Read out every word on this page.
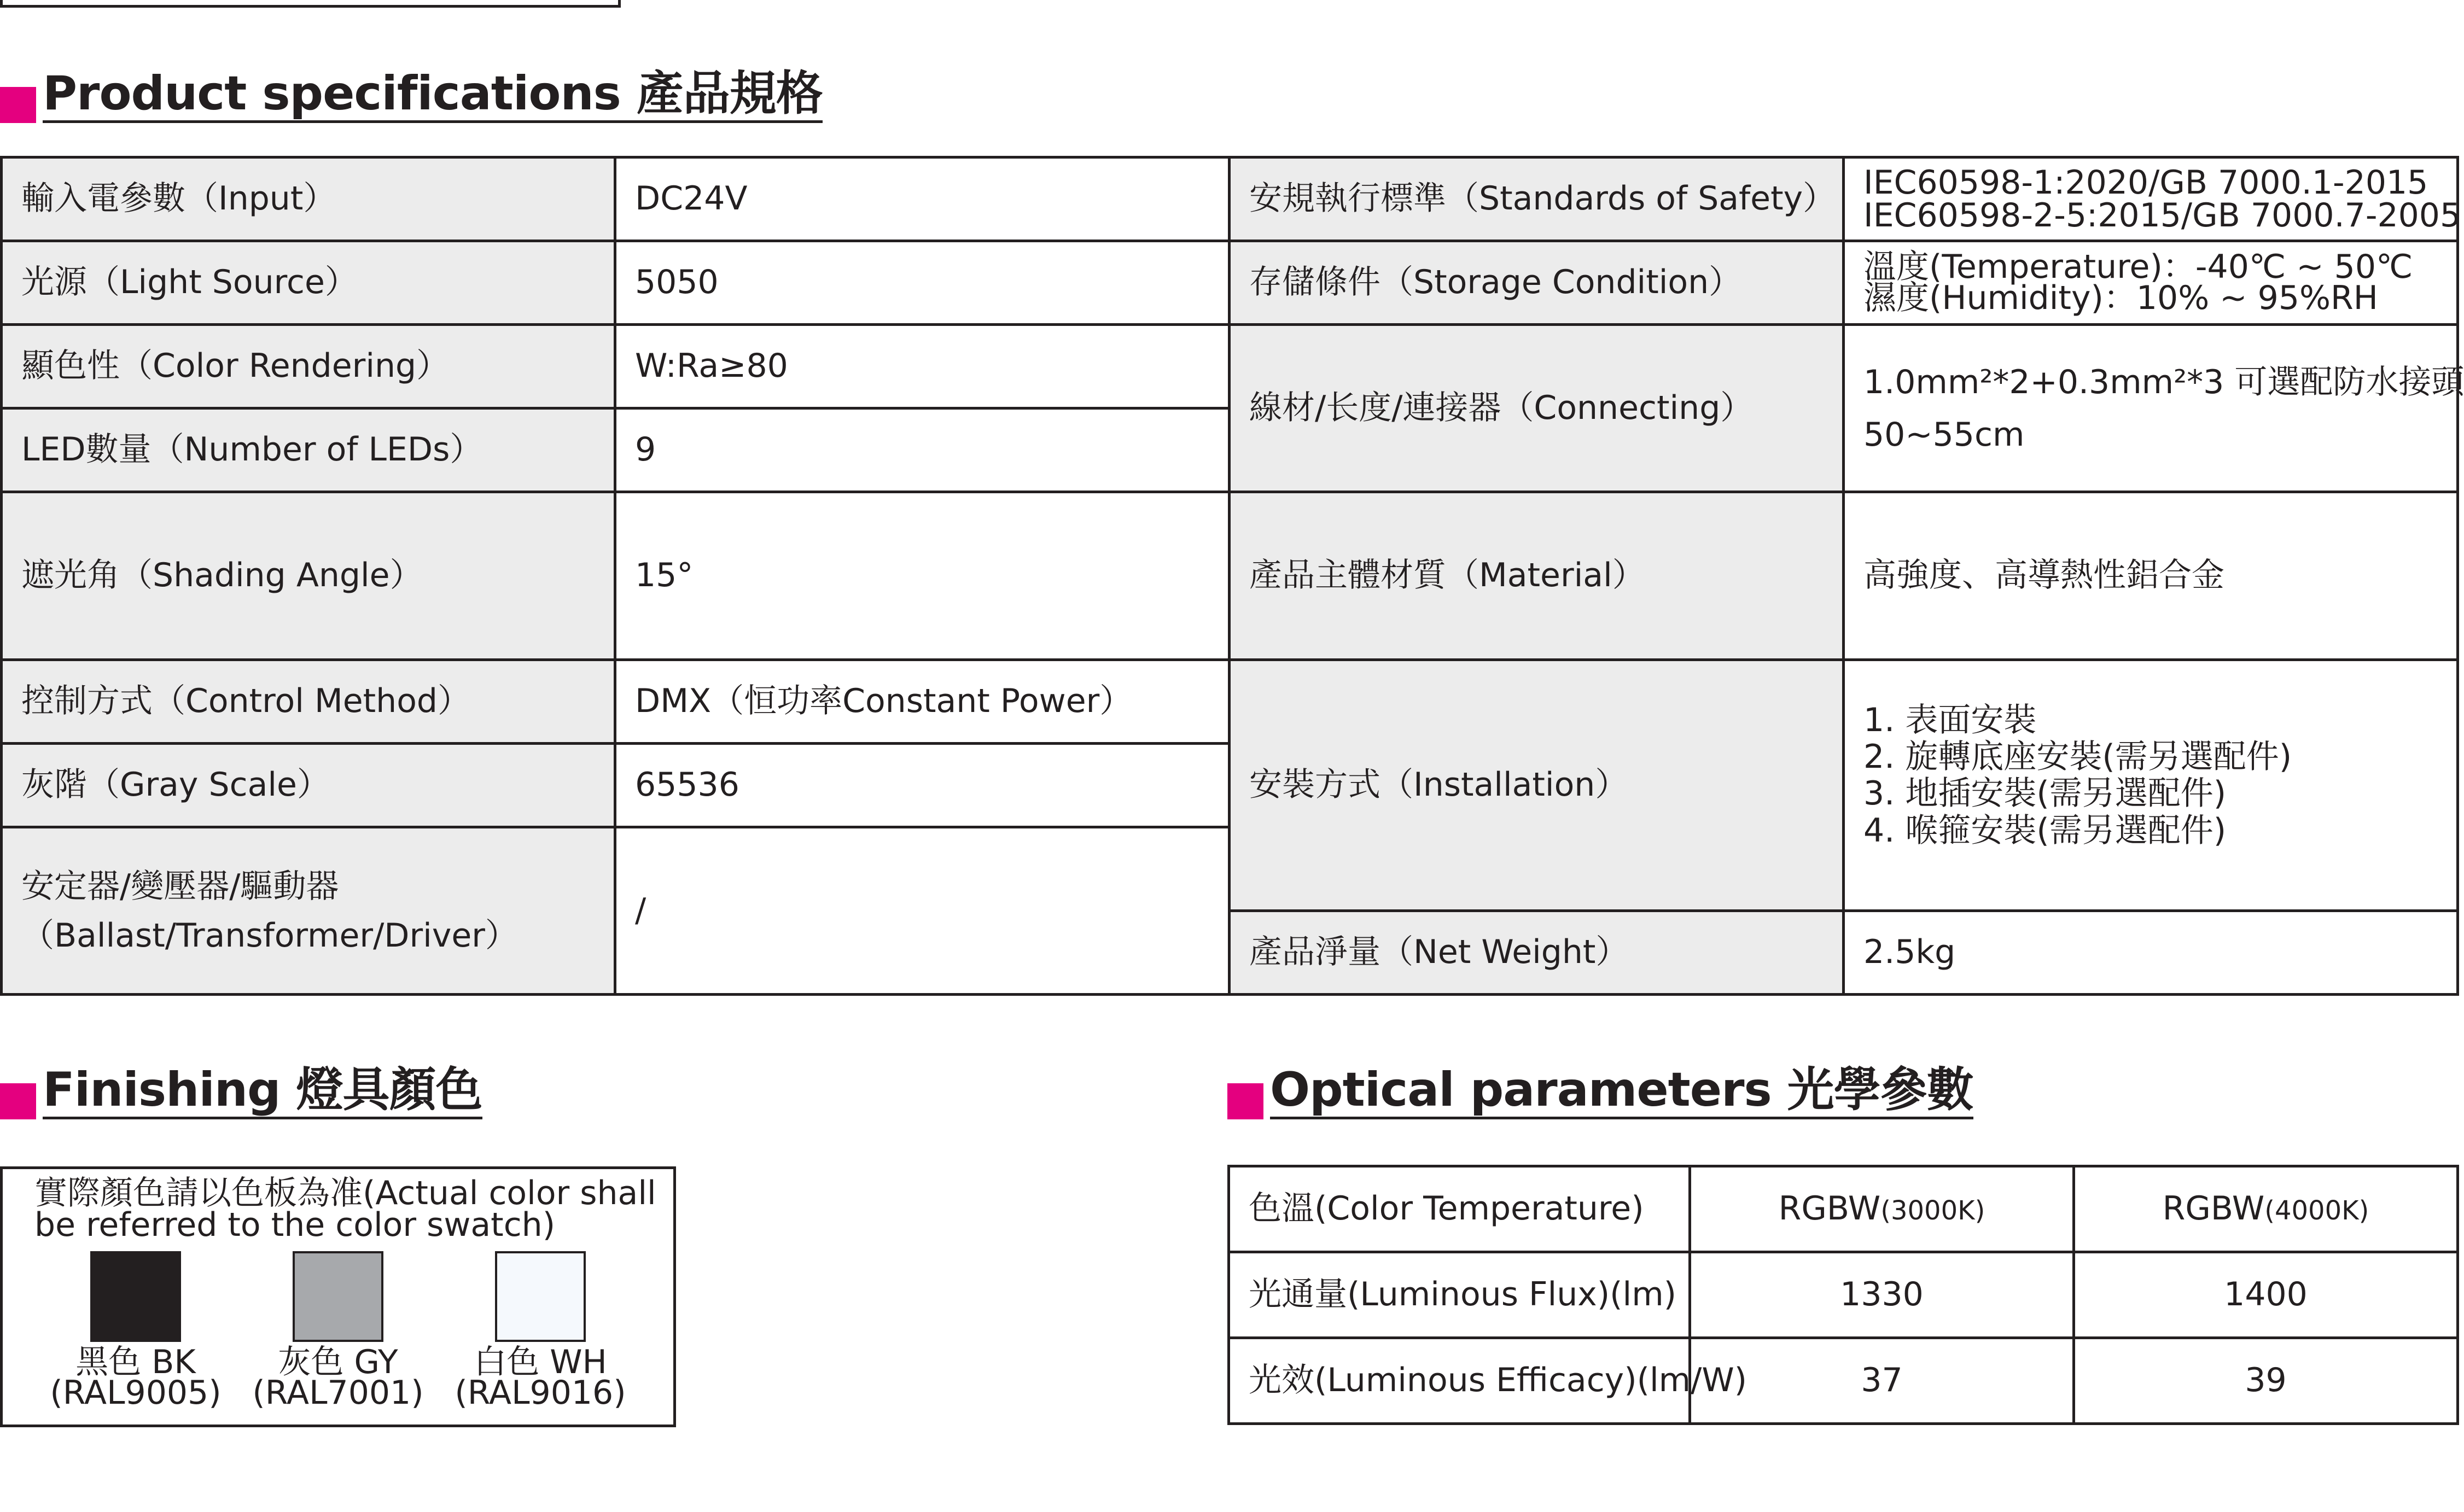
Product specifications 產品規格
輸入電參數（Input）	DC24V	安規執行標準（Standards of Safety）	IEC60598-1:2020/GB 7000.1-2015
IEC60598-2-5:2015/GB 7000.7-2005

光源（Light Source）	5050	存儲條件（Storage Condition）	溫度(Temperature)：-40℃ ~ 50℃
濕度(Humidity)：10% ~ 95%RH

顯色性（Color Rendering）	W:Ra≥80	線材/长度/連接器（Connecting）	1.0mm²*2+0.3mm²*3 可選配防水接頭
50~55cm

LED數量（Number of LEDs）	9		
遮光角（Shading Angle）	15°	產品主體材質（Material）	高強度、高導熱性鋁合金
控制方式（Control Method）	DMX（恒功率Constant Power）	安裝方式（Installation）	1. 表面安裝
2. 旋轉底座安裝(需另選配件)
3. 地插安裝(需另選配件)
4. 喉箍安裝(需另選配件)

灰階（Gray Scale）	65536		

安定器/變壓器/驅動器
（Ballast/Transformer/Driver）	/		
		產品淨量（Net Weight）	2.5kg
Finishing 燈具顏色
實際顏色請以色板為准(Actual color shall be referred to the color swatch)
黑色 BK
(RAL9005)
灰色 GY
(RAL7001)
白色 WH
(RAL9016)
Optical parameters 光學參數
色溫(Color Temperature)	RGBW(3000K)	RGBW(4000K)
光通量(Luminous Flux)(lm)	1330	1400
光效(Luminous Efficacy)(lm/W)	37	39
